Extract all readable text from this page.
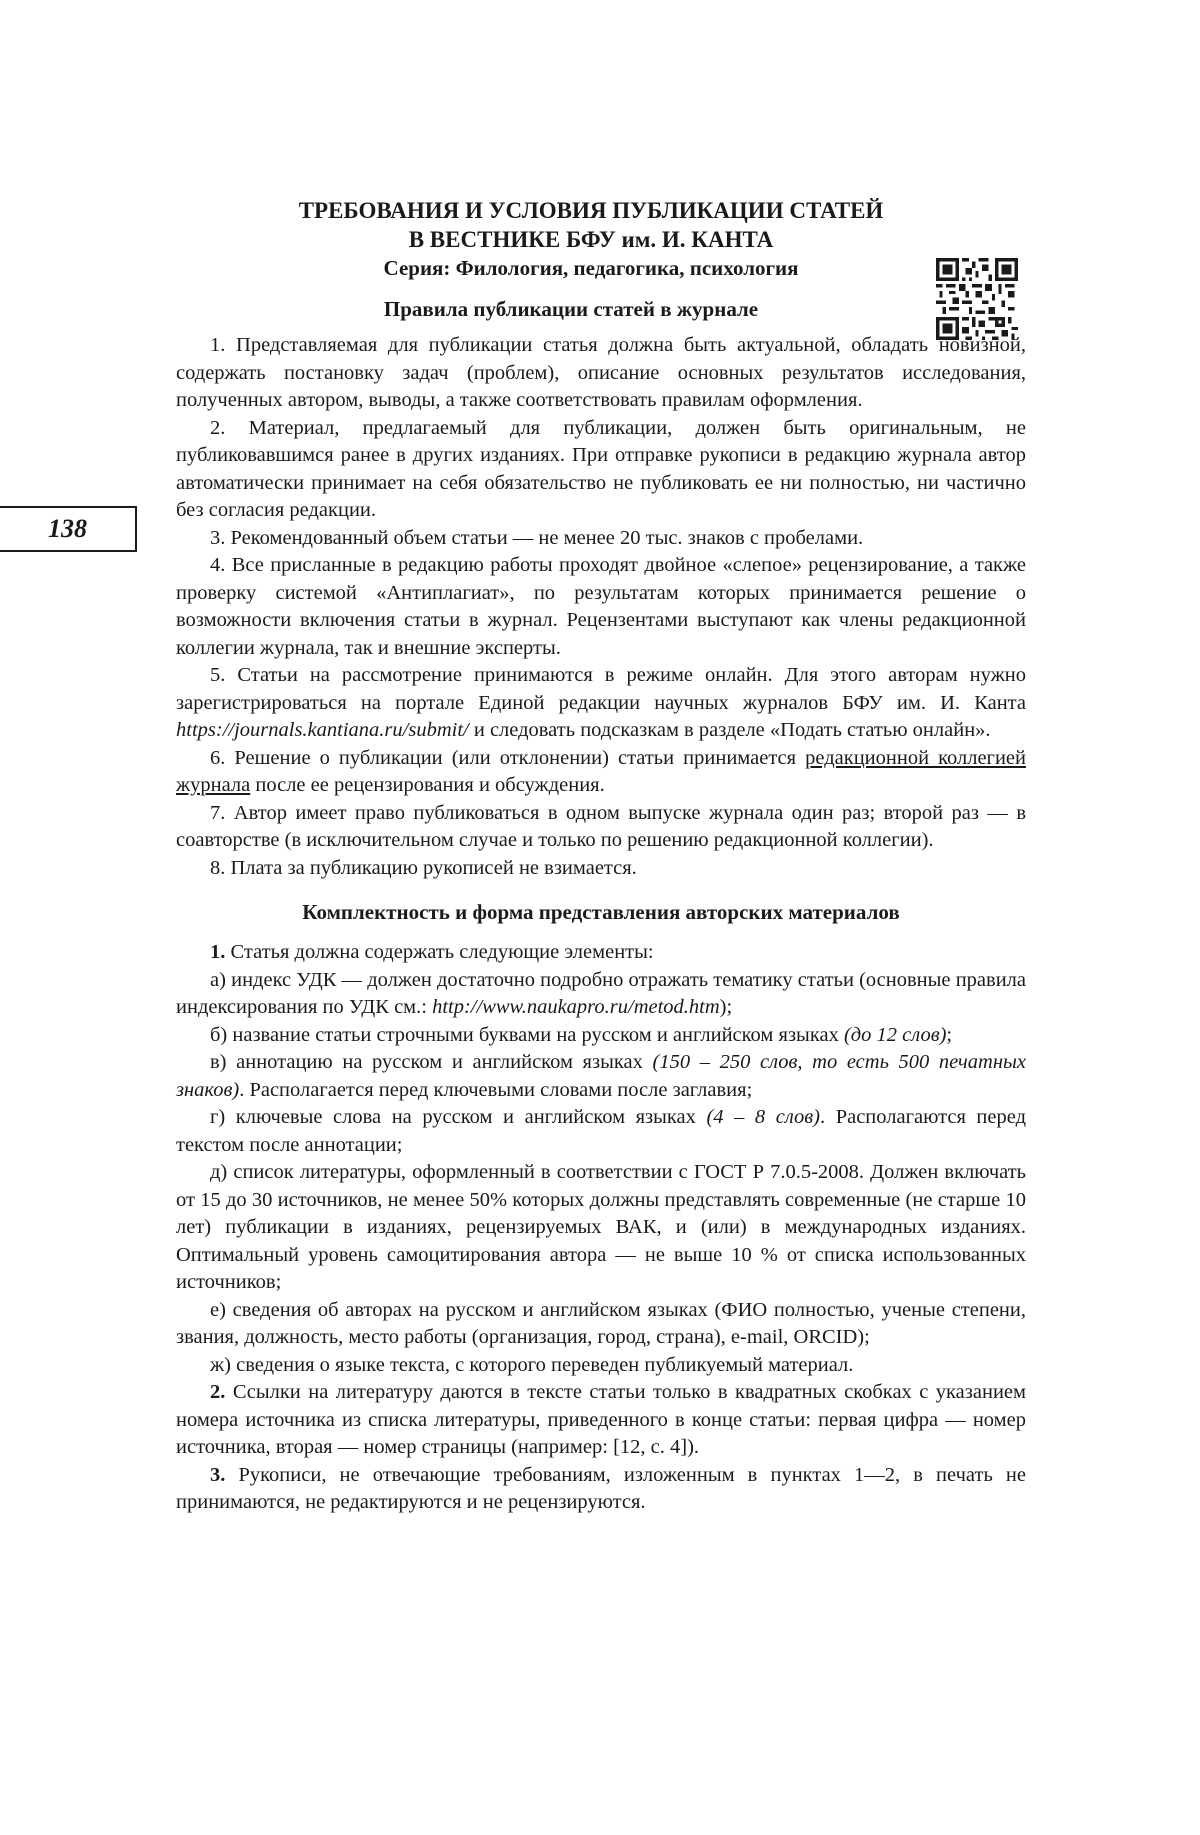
138
ТРЕБОВАНИЯ И УСЛОВИЯ ПУБЛИКАЦИИ СТАТЕЙ
В ВЕСТНИКЕ БФУ им. И. КАНТА
Серия: Филология, педагогика, психология
Правила публикации статей в журнале

1. Представляемая для публикации статья должна быть актуальной, обладать новизной, содержать постановку задач (проблем), описание основных результатов исследования, полученных автором, выводы, а также соответствовать правилам оформления.

2. Материал, предлагаемый для публикации, должен быть оригинальным, не публиковавшимся ранее в других изданиях. При отправке рукописи в редакцию журнала автор автоматически принимает на себя обязательство не публиковать ее ни полностью, ни частично без согласия редакции.

3. Рекомендованный объем статьи — не менее 20 тыс. знаков с пробелами.

4. Все присланные в редакцию работы проходят двойное «слепое» рецензирование, а также проверку системой «Антиплагиат», по результатам которых принимается решение о возможности включения статьи в журнал. Рецензентами выступают как члены редакционной коллегии журнала, так и внешние эксперты.

5. Статьи на рассмотрение принимаются в режиме онлайн. Для этого авторам нужно зарегистрироваться на портале Единой редакции научных журналов БФУ им. И. Канта https://journals.kantiana.ru/submit/ и следовать подсказкам в разделе «Подать статью онлайн».

6. Решение о публикации (или отклонении) статьи принимается редакционной коллегией журнала после ее рецензирования и обсуждения.

7. Автор имеет право публиковаться в одном выпуске журнала один раз; второй раз — в соавторстве (в исключительном случае и только по решению редакционной коллегии).

8. Плата за публикацию рукописей не взимается.

Комплектность и форма представления авторских материалов

1. Статья должна содержать следующие элементы:

а) индекс УДК — должен достаточно подробно отражать тематику статьи (основные правила индексирования по УДК см.: http://www.naukapro.ru/metod.htm);

б) название статьи строчными буквами на русском и английском языках (до 12 слов);

в) аннотацию на русском и английском языках (150 – 250 слов, то есть 500 печатных знаков). Располагается перед ключевыми словами после заглавия;

г) ключевые слова на русском и английском языках (4 – 8 слов). Располагаются перед текстом после аннотации;

д) список литературы, оформленный в соответствии с ГОСТ Р 7.0.5-2008. Должен включать от 15 до 30 источников, не менее 50% которых должны представлять современные (не старше 10 лет) публикации в изданиях, рецензируемых ВАК, и (или) в международных изданиях. Оптимальный уровень самоцитирования автора — не выше 10 % от списка использованных источников;

е) сведения об авторах на русском и английском языках (ФИО полностью, ученые степени, звания, должность, место работы (организация, город, страна), e-mail, ORCID);

ж) сведения о языке текста, с которого переведен публикуемый материал.

2. Ссылки на литературу даются в тексте статьи только в квадратных скобках с указанием номера источника из списка литературы, приведенного в конце статьи: первая цифра — номер источника, вторая — номер страницы (например: [12, с. 4]).

3. Рукописи, не отвечающие требованиям, изложенным в пунктах 1—2, в печать не принимаются, не редактируются и не рецензируются.
